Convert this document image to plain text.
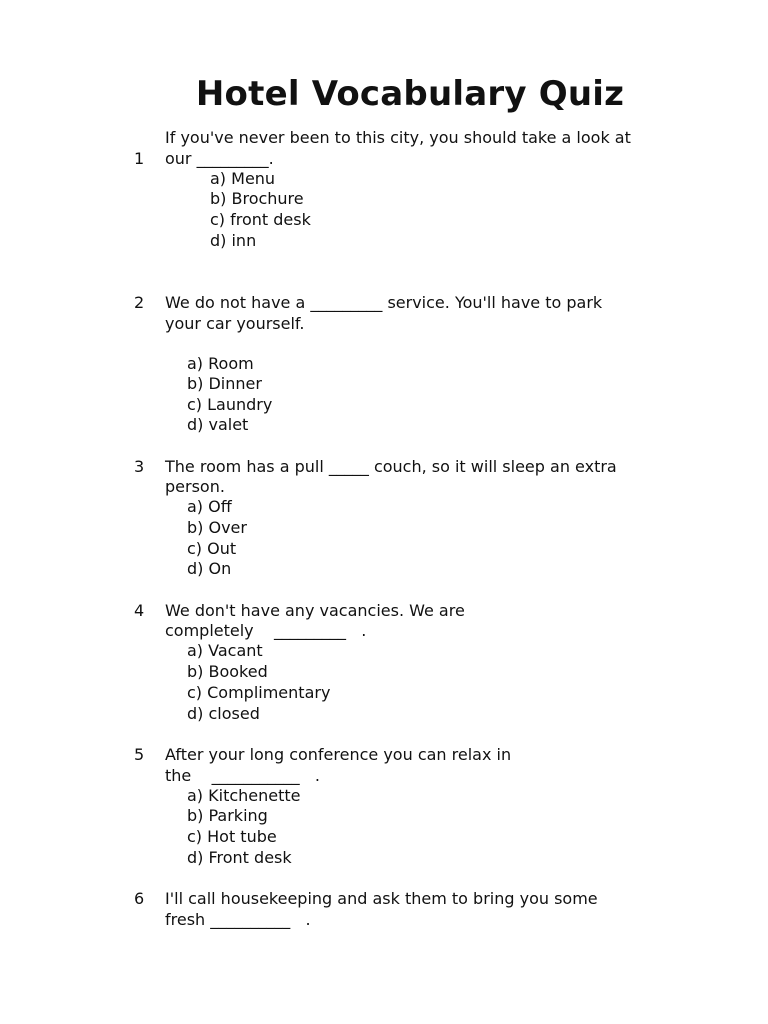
Hotel Vocabulary Quiz

1

If you've never been to this city, you should take a look at

our _________.

a) Menu

b) Brochure

c) front desk

d) inn

2 We do not have a _________ service. You'll have to park

your car yourself.

a) Room

b) Dinner

c) Laundry

d) valet

3 The room has a pull _____ couch, so it will sleep an extra

person.

a) Off

b) Over

c) Out

d) On

4 We don't have any vacancies. We are

completely    _________   .

a) Vacant

b) Booked

c) Complimentary

d) closed

5 After your long conference you can relax in

the    ___________   .

a) Kitchenette

b) Parking

c) Hot tube

d) Front desk

6 I'll call housekeeping and ask them to bring you some

fresh __________   .
